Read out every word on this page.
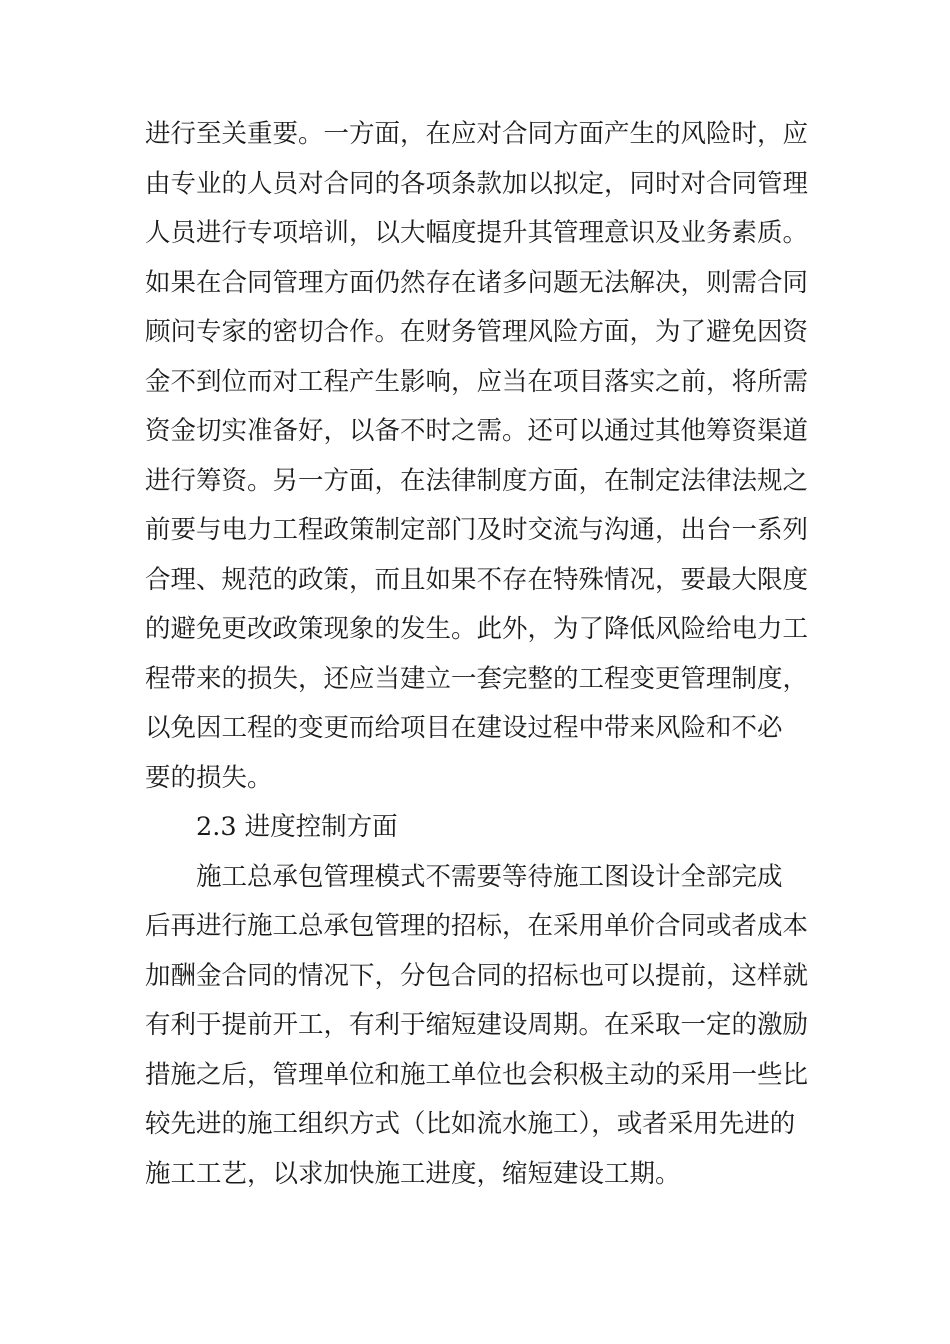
进行至关重要。一方面，在应对合同方面产生的风险时，应
由专业的人员对合同的各项条款加以拟定，同时对合同管理
人员进行专项培训，以大幅度提升其管理意识及业务素质。
如果在合同管理方面仍然存在诸多问题无法解决，则需合同
顾问专家的密切合作。在财务管理风险方面，为了避免因资
金不到位而对工程产生影响，应当在项目落实之前，将所需
资金切实准备好，以备不时之需。还可以通过其他筹资渠道
进行筹资。另一方面，在法律制度方面，在制定法律法规之
前要与电力工程政策制定部门及时交流与沟通，出台一系列
合理、规范的政策，而且如果不存在特殊情况，要最大限度
的避免更改政策现象的发生。此外，为了降低风险给电力工
程带来的损失，还应当建立一套完整的工程变更管理制度，
以免因工程的变更而给项目在建设过程中带来风险和不必
要的损失。
2.3 进度控制方面
施工总承包管理模式不需要等待施工图设计全部完成
后再进行施工总承包管理的招标，在采用单价合同或者成本
加酬金合同的情况下，分包合同的招标也可以提前，这样就
有利于提前开工，有利于缩短建设周期。在采取一定的激励
措施之后，管理单位和施工单位也会积极主动的采用一些比
较先进的施工组织方式（比如流水施工），或者采用先进的
施工工艺，以求加快施工进度，缩短建设工期。
